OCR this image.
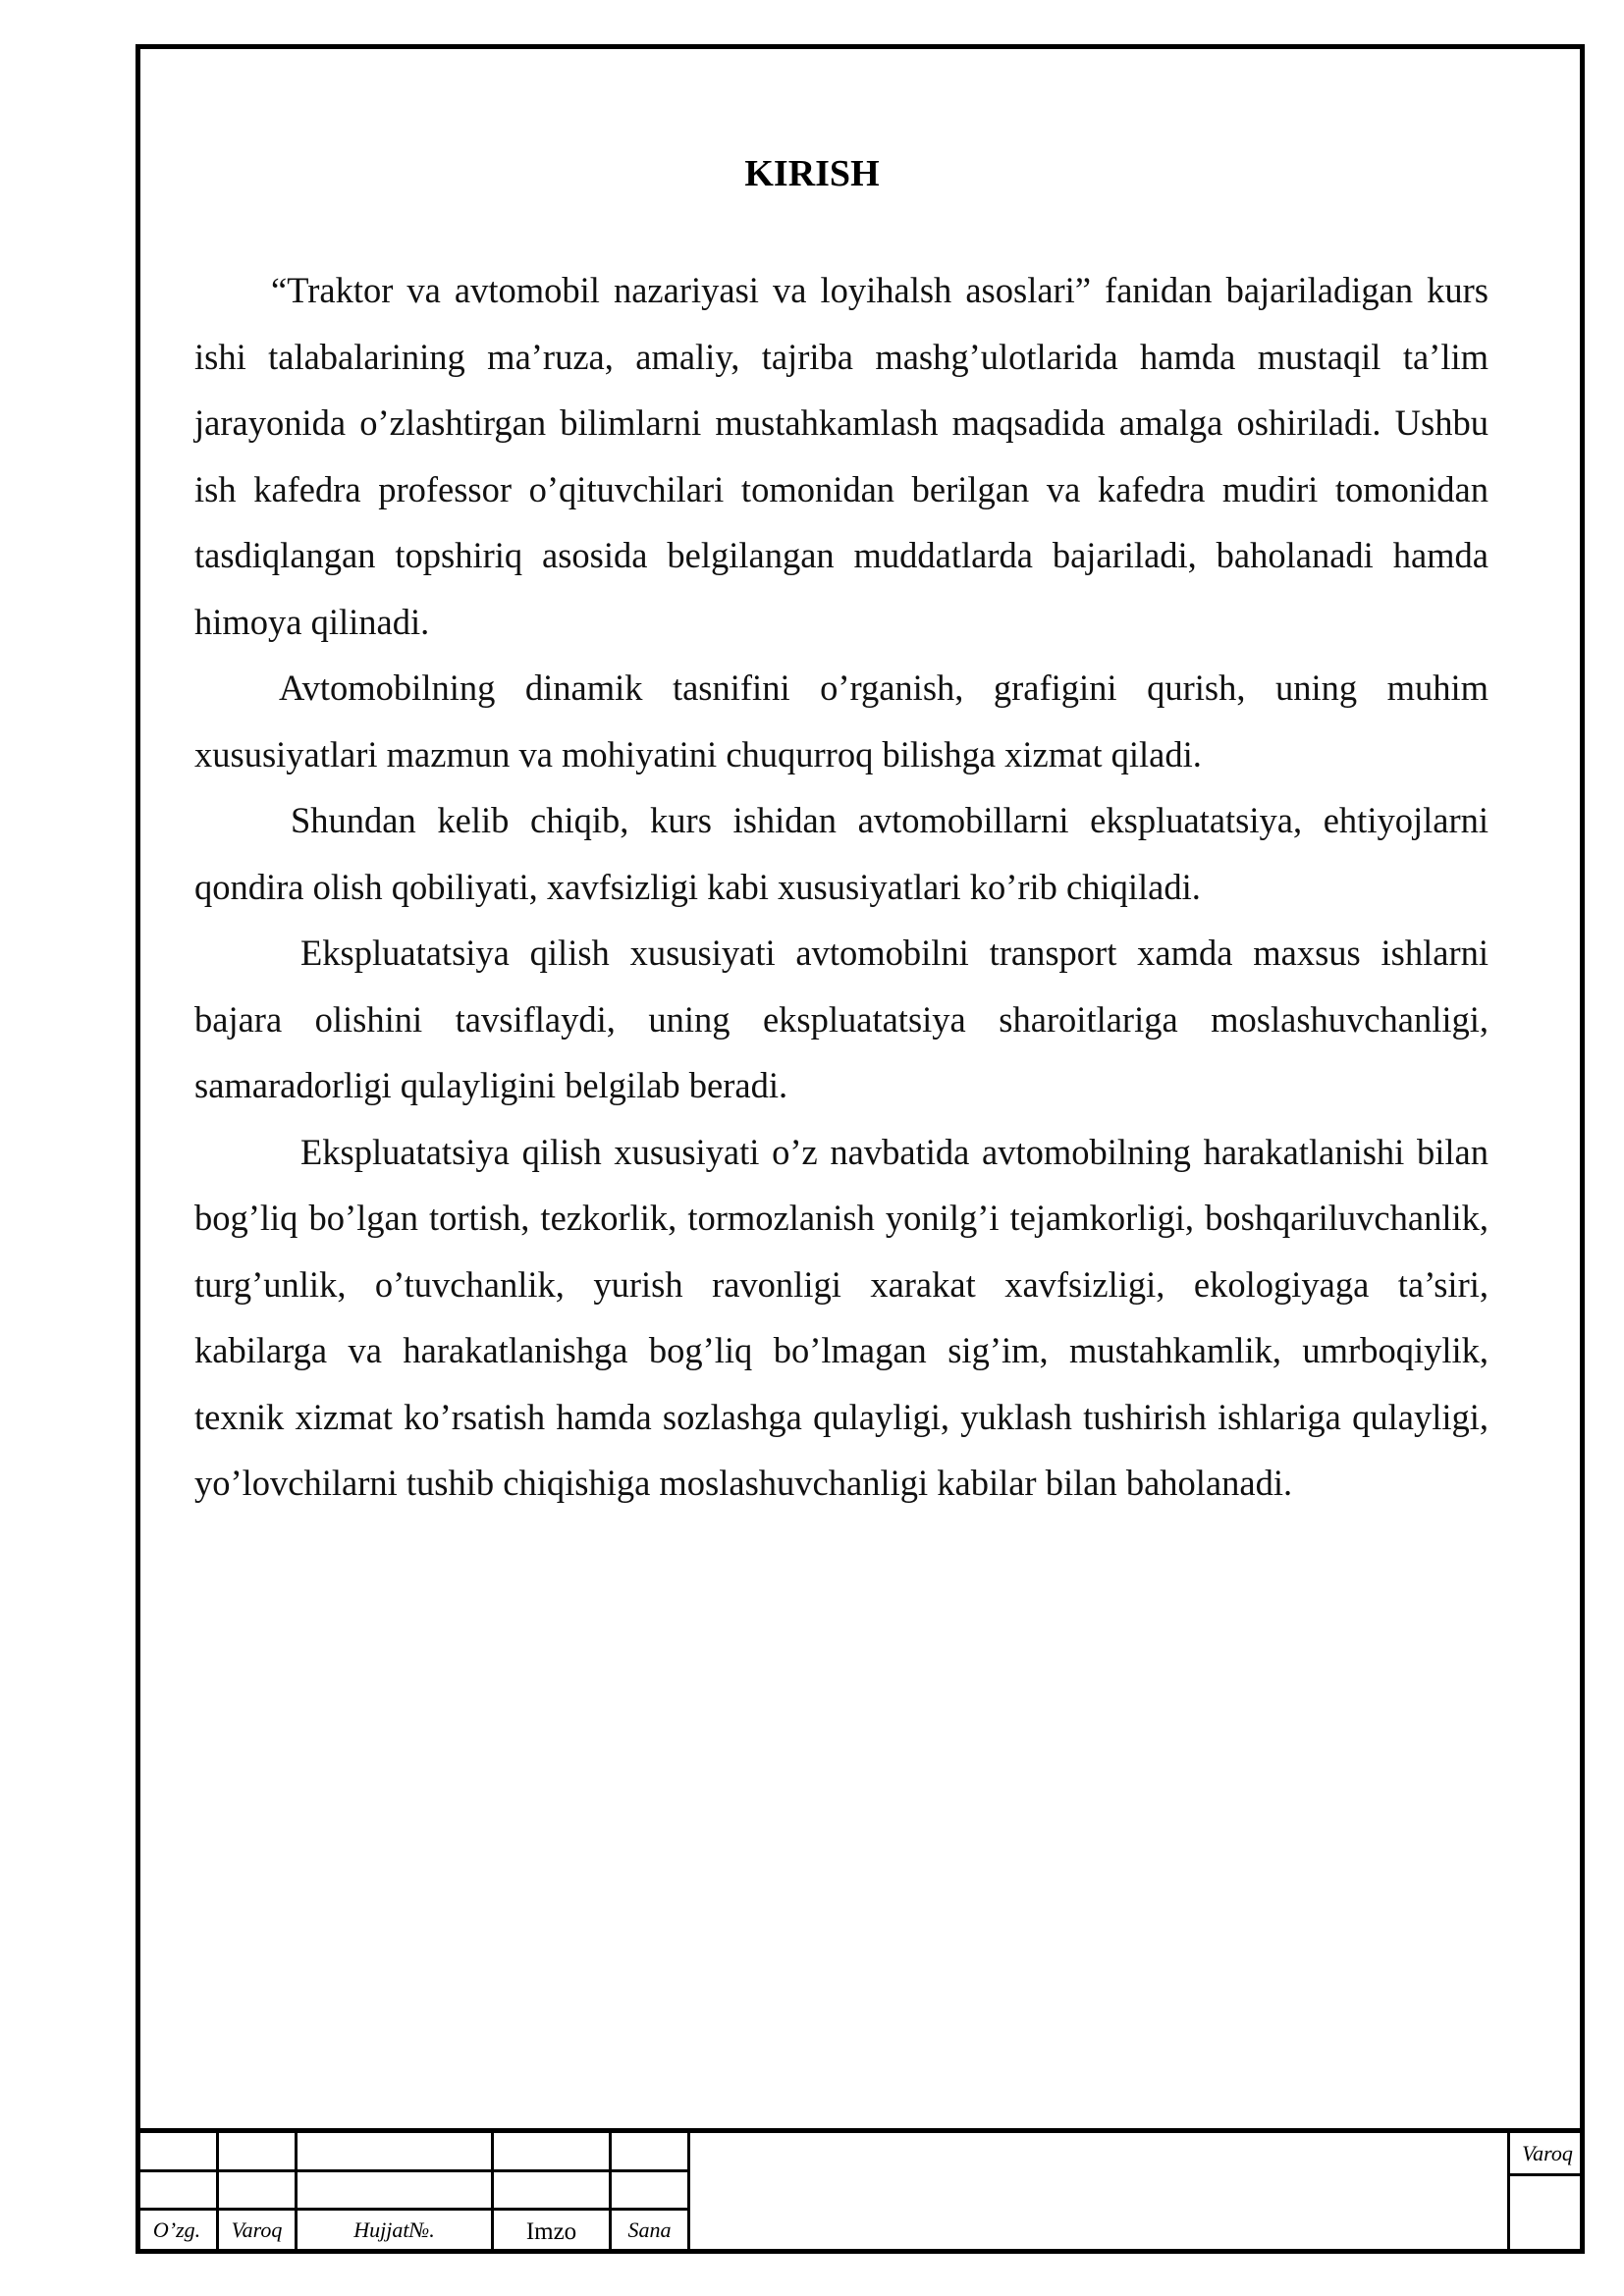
KIRISH

“Traktor va avtomobil nazariyasi va loyihalsh asoslari” fanidan bajariladigan kurs ishi talabalarining ma’ruza, amaliy, tajriba mashg’ulotlarida hamda mustaqil ta’lim jarayonida o’zlashtirgan bilimlarni mustahkamlash maqsadida amalga oshiriladi. Ushbu ish kafedra professor o’qituvchilari tomonidan berilgan va kafedra mudiri tomonidan tasdiqlangan topshiriq asosida belgilangan muddatlarda bajariladi, baholanadi hamda himoya qilinadi.

Avtomobilning dinamik tasnifini o’rganish, grafigini qurish, uning muhim xususiyatlari mazmun va mohiyatini chuqurroq bilishga xizmat qiladi.

Shundan kelib chiqib, kurs ishidan avtomobillarni ekspluatatsiya, ehtiyojlarni qondira olish qobiliyati, xavfsizligi kabi xususiyatlari ko’rib chiqiladi.

Ekspluatatsiya qilish xususiyati avtomobilni transport xamda maxsus ishlarni bajara olishini tavsiflaydi, uning ekspluatatsiya sharoitlariga moslashuvchanligi, samaradorligi qulayligini belgilab beradi.

Ekspluatatsiya qilish xususiyati o’z navbatida avtomobilning harakatlanishi bilan bog’liq bo’lgan tortish, tezkorlik, tormozlanish yonilg’i tejamkorligi, boshqariluvchanlik, turg’unlik, o’tuvchanlik, yurish ravonligi xarakat xavfsizligi, ekologiyaga ta’siri, kabilarga va harakatlanishga bog’liq bo’lmagan sig’im, mustahkamlik, umrboqiylik, texnik xizmat ko’rsatish hamda sozlashga qulayligi, yuklash tushirish ishlariga qulayligi, yo’lovchilarni tushib chiqishiga moslashuvchanligi kabilar bilan baholanadi.

O’zg.	Varoq	Hujjat№.	Imzo	Sana
Varoq
